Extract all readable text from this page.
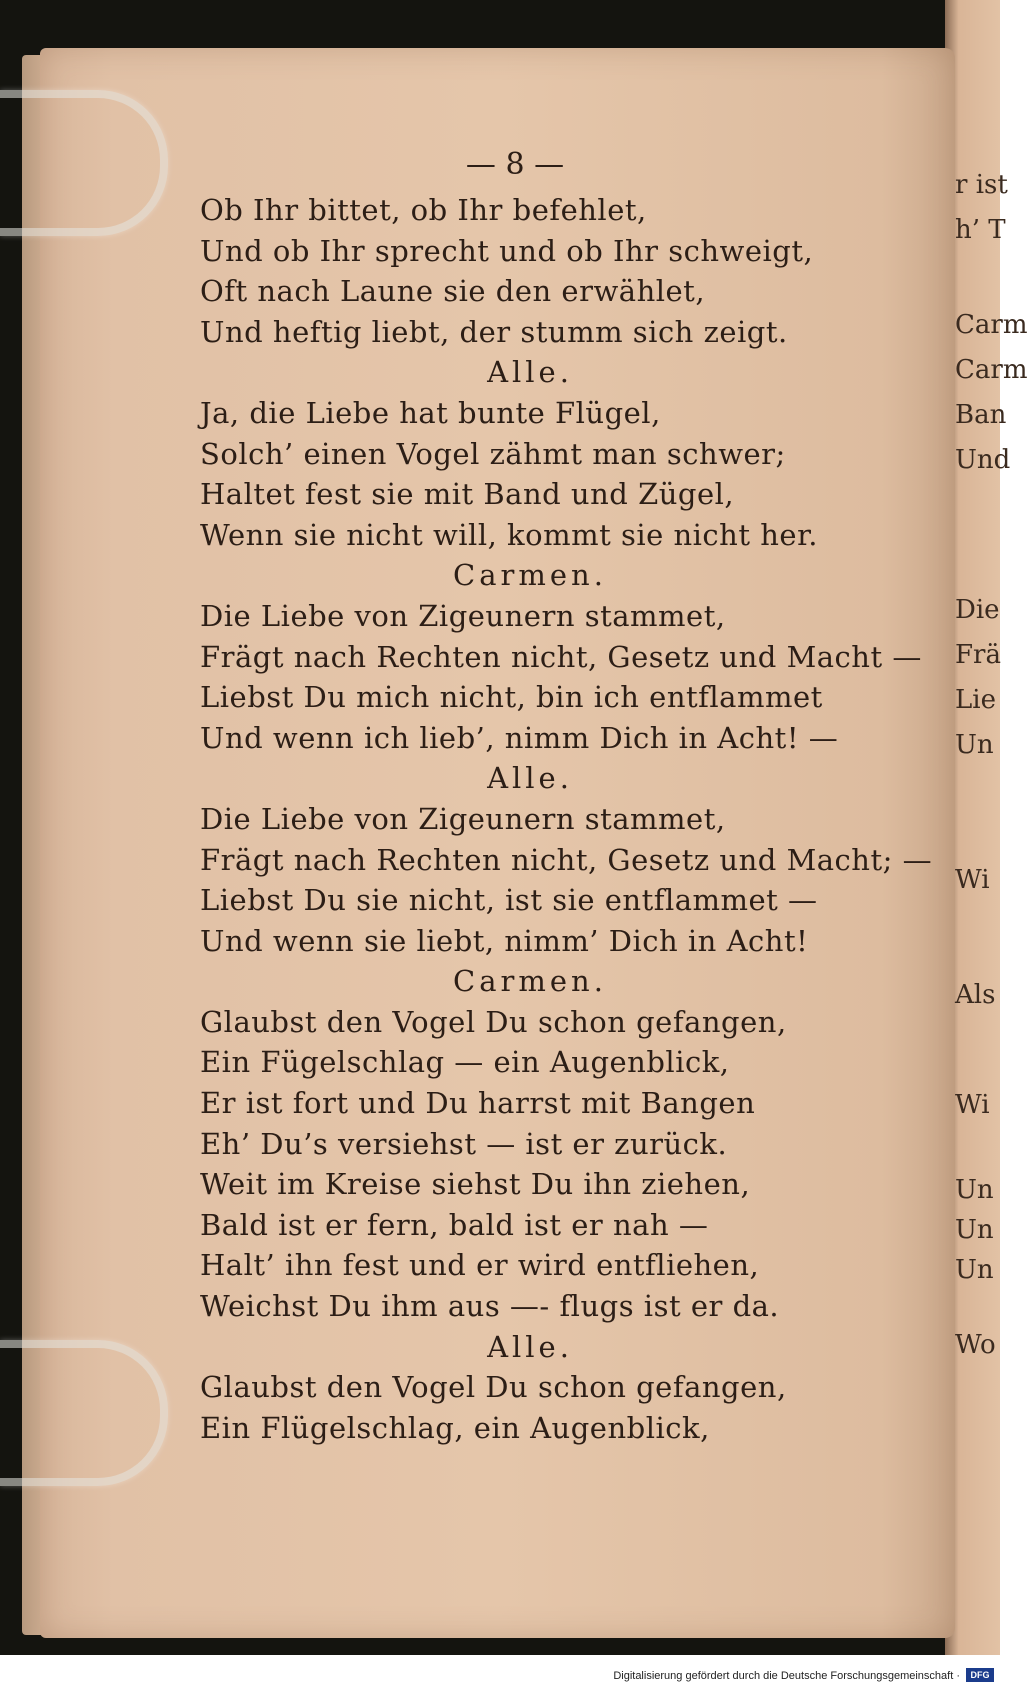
— 8 —
Ob Ihr bittet, ob Ihr befehlet,
Und ob Ihr sprecht und ob Ihr schweigt,
Oft nach Laune sie den erwählet,
Und heftig liebt, der stumm sich zeigt.
Alle.
Ja, die Liebe hat bunte Flügel,
Solch’ einen Vogel zähmt man schwer;
Haltet fest sie mit Band und Zügel,
Wenn sie nicht will, kommt sie nicht her.
Carmen.
Die Liebe von Zigeunern stammet,
Frägt nach Rechten nicht, Gesetz und Macht —
Liebst Du mich nicht, bin ich entflammet
Und wenn ich lieb’, nimm Dich in Acht! —
Alle.
Die Liebe von Zigeunern stammet,
Frägt nach Rechten nicht, Gesetz und Macht; —
Liebst Du sie nicht, ist sie entflammet —
Und wenn sie liebt, nimm’ Dich in Acht!
Carmen.
Glaubst den Vogel Du schon gefangen,
Ein Fügelschlag — ein Augenblick,
Er ist fort und Du harrst mit Bangen
Eh’ Du’s versiehst — ist er zurück.
Weit im Kreise siehst Du ihn ziehen,
Bald ist er fern, bald ist er nah —
Halt’ ihn fest und er wird entfliehen,
Weichst Du ihm aus —- flugs ist er da.
Alle.
Glaubst den Vogel Du schon gefangen,
Ein Flügelschlag, ein Augenblick,
r ist
h’ T
Carm
Carm
Ban
Und
Die
Frä
Lie
Un
Wi
Als
Wi
Un
Un
Un
Wo
Digitalisierung gefördert durch die Deutsche Forschungsgemeinschaft ·	DFG
